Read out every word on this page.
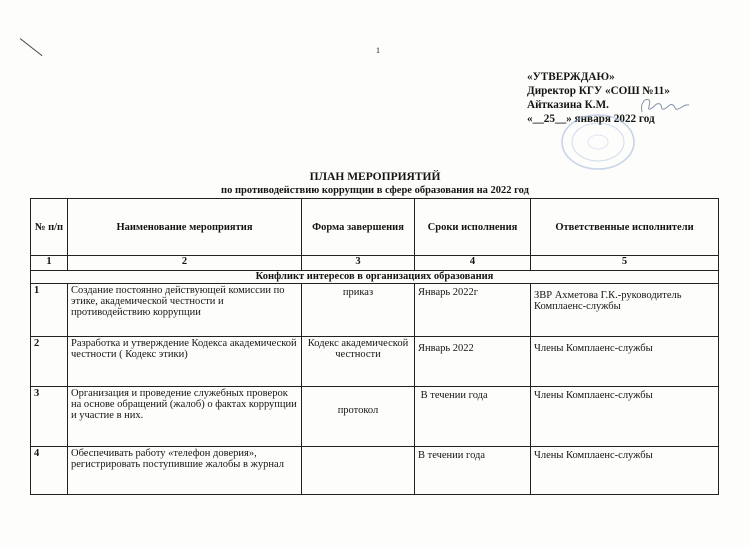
1
«УТВЕРЖДАЮ»
Директор КГУ «СОШ №11»
Айтказина К.М.
«__25__» января 2022 год
ПЛАН МЕРОПРИЯТИЙ
по противодействию коррупции в сфере образования на 2022 год
№ п/п	Наименование мероприятия	Форма завершения	Сроки исполнения	Ответственные исполнители
1	2	3	4	5
Конфликт интересов в организациях образования				
1	Создание постоянно действующей комиссии по этике, академической честности и противодействию коррупции	приказ	Январь 2022г	ЗВР Ахметова Г.К.-руководитель Комплаенс-службы
2	Разработка и утверждение Кодекса академической честности ( Кодекс этики)	Кодекс академической честности	Январь 2022	Члены Комплаенс-службы
3	Организация и проведение служебных проверок на основе обращений (жалоб) о фактах коррупции и участие в них.	протокол	В течении года	Члены Комплаенс-службы
4	Обеспечивать работу «телефон доверия», регистрировать поступившие жалобы в журнал		В течении года	Члены Комплаенс-службы
